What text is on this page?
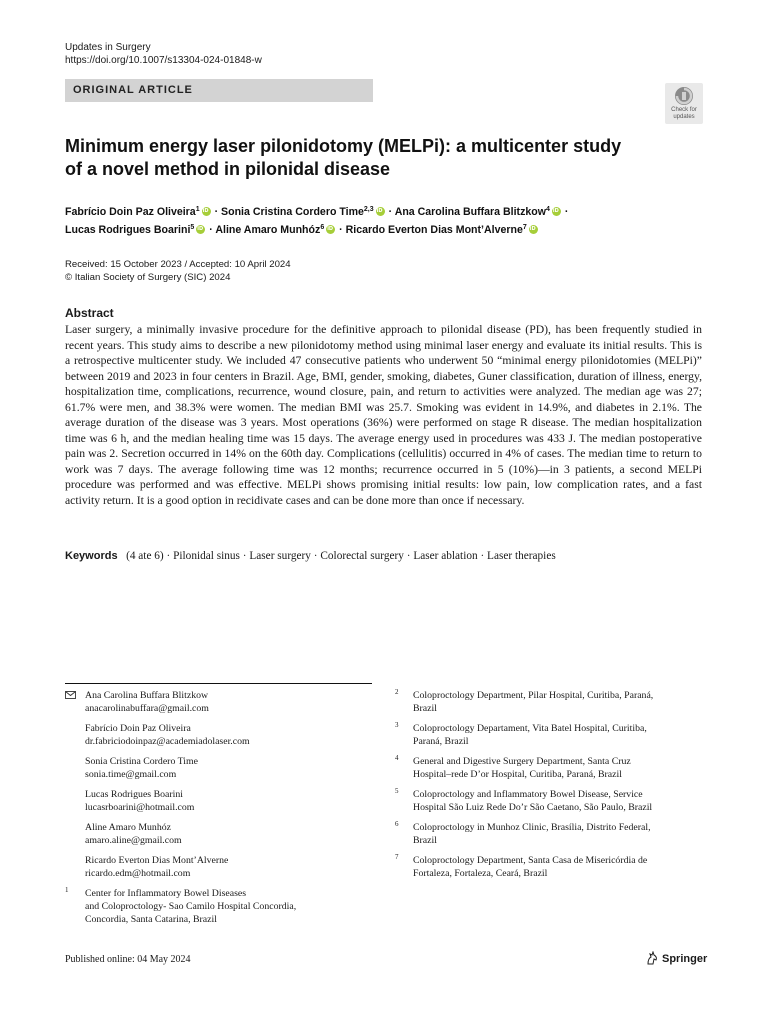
Updates in Surgery
https://doi.org/10.1007/s13304-024-01848-w
ORIGINAL ARTICLE
Check for
updates
Minimum energy laser pilonidotomy (MELPi): a multicenter study
of a novel method in pilonidal disease
Fabrício Doin Paz Oliveira$^1$ iD · Sonia Cristina Cordero Time$^{2,3}$ iD · Ana Carolina Buffara Blitzkow$^4$ iD ·
Lucas Rodrigues Boarini$^5$ iD · Aline Amaro Munhóz$^6$ iD · Ricardo Everton Dias Mont’Alverne$^7$iD
Received: 15 October 2023 / Accepted: 10 April 2024
© Italian Society of Surgery (SIC) 2024
Abstract
Laser surgery, a minimally invasive procedure for the definitive approach to pilonidal disease (PD), has been frequently studied in recent years. This study aims to describe a new pilonidotomy method using minimal laser energy and evaluate its initial results. This is a retrospective multicenter study. We included 47 consecutive patients who underwent 50 “minimal energy pilonidotomies (MELPi)” between 2019 and 2023 in four centers in Brazil. Age, BMI, gender, smoking, diabetes, Guner classification, duration of illness, energy, hospitalization time, complications, recurrence, wound closure, pain, and return to activities were analyzed. The median age was 27; 61.7% were men, and 38.3% were women. The median BMI was 25.7. Smoking was evident in 14.9%, and diabetes in 2.1%. The average duration of the disease was 3 years. Most operations (36%) were performed on stage R disease. The median hospitalization time was 6 h, and the median healing time was 15 days. The average energy used in procedures was 433 J. The median postoperative pain was 2. Secretion occurred in 14% on the 60th day. Complications (cellulitis) occurred in 4% of cases. The median time to return to work was 7 days. The average following time was 12 months; recurrence occurred in 5 (10%)—in 3 patients, a second MELPi procedure was performed and was effective. MELPi shows promising initial results: low pain, low complication rates, and a fast activity return. It is a good option in recidivate cases and can be done more than once if necessary.
Keywords (4 ate 6) · Pilonidal sinus · Laser surgery · Colorectal surgery · Laser ablation · Laser therapies
Ana Carolina Buffara Blitzkow
anacarolinabuffara@gmail.com
Fabrício Doin Paz Oliveira
dr.fabriciodoinpaz@academiadolaser.com
Sonia Cristina Cordero Time
sonia.time@gmail.com
Lucas Rodrigues Boarini
lucasrboarini@hotmail.com
Aline Amaro Munhóz
amaro.aline@gmail.com
Ricardo Everton Dias Mont’Alverne
ricardo.edm@hotmail.com
1 Center for Inflammatory Bowel Diseases
and Coloproctology- Sao Camilo Hospital Concordia,
Concordia, Santa Catarina, Brazil
2 Coloproctology Department, Pilar Hospital, Curitiba, Paraná,
Brazil
3 Coloproctology Departament, Vita Batel Hospital, Curitiba,
Paraná, Brazil
4 General and Digestive Surgery Department, Santa Cruz
Hospital–rede D’or Hospital, Curitiba, Paraná, Brazil
5 Coloproctology and Inflammatory Bowel Disease, Service
Hospital São Luiz Rede Do’r São Caetano, São Paulo, Brazil
6 Coloproctology in Munhoz Clinic, Brasília, Distrito Federal,
Brazil
7 Coloproctology Department, Santa Casa de Misericórdia de
Fortaleza, Fortaleza, Ceará, Brazil
Published online: 04 May 2024	Springer
